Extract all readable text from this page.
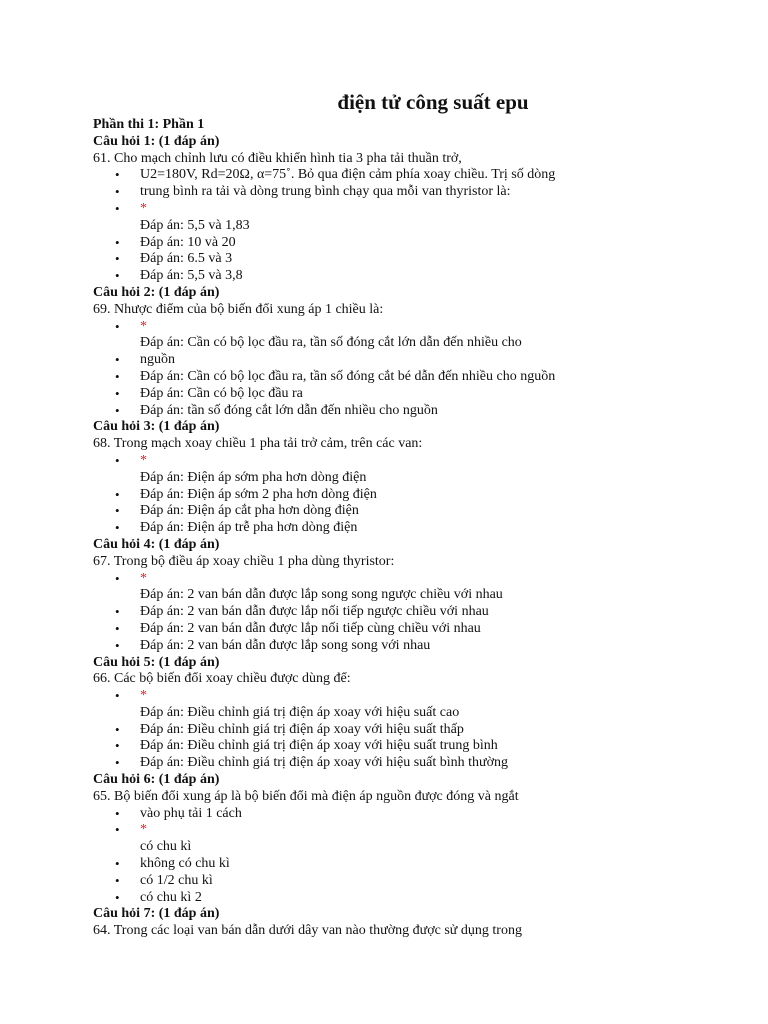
điện tử công suất epu
Phần thi 1: Phần 1
Câu hỏi 1: (1 đáp án)
61. Cho mạch chỉnh lưu có điều khiển hình tia 3 pha tải thuần trở,
• U2=180V, Rd=20Ω, α=75˚. Bỏ qua điện cảm phía xoay chiều. Trị số dòng
• trung bình ra tải và dòng trung bình chạy qua mỗi van thyristor là:
• *
Đáp án: 5,5 và 1,83
• Đáp án: 10 và 20
• Đáp án: 6.5 và 3
• Đáp án: 5,5 và 3,8
Câu hỏi 2: (1 đáp án)
69. Nhược điểm của bộ biến đổi xung áp 1 chiều là:
• *
Đáp án: Cần có bộ lọc đầu ra, tần số đóng cắt lớn dẫn đến nhiều cho
• nguồn
• Đáp án: Cần có bộ lọc đầu ra, tần số đóng cắt bé dẫn đến nhiều cho nguồn
• Đáp án: Cần có bộ lọc đầu ra
• Đáp án: tần số đóng cắt lớn dẫn đến nhiều cho nguồn
Câu hỏi 3: (1 đáp án)
68. Trong mạch xoay chiều 1 pha tải trở cảm, trên các van:
• *
Đáp án: Điện áp sớm pha hơn dòng điện
• Đáp án: Điện áp sớm 2 pha hơn dòng điện
• Đáp án: Điện áp cắt pha hơn dòng điện
• Đáp án: Điện áp trễ pha hơn dòng điện
Câu hỏi 4: (1 đáp án)
67. Trong bộ điều áp xoay chiều 1 pha dùng thyristor:
• *
Đáp án: 2 van bán dẫn được lắp song song ngược chiều với nhau
• Đáp án: 2 van bán dẫn được lắp nối tiếp ngược chiều với nhau
• Đáp án: 2 van bán dẫn được lắp nối tiếp cùng chiều với nhau
• Đáp án: 2 van bán dẫn được lắp song song với nhau
Câu hỏi 5: (1 đáp án)
66. Các bộ biến đổi xoay chiều được dùng để:
• *
Đáp án: Điều chỉnh giá trị điện áp xoay với hiệu suất cao
• Đáp án: Điều chỉnh giá trị điện áp xoay với hiệu suất thấp
• Đáp án: Điều chỉnh giá trị điện áp xoay với hiệu suất trung bình
• Đáp án: Điều chỉnh giá trị điện áp xoay với hiệu suất bình thường
Câu hỏi 6: (1 đáp án)
65. Bộ biến đổi xung áp là bộ biến đổi mà điện áp nguồn được đóng và ngắt
• vào phụ tải 1 cách
• *
có chu kì
• không có chu kì
• có 1/2 chu kì
• có chu kì 2
Câu hỏi 7: (1 đáp án)
64. Trong các loại van bán dẫn dưới dây van nào thường được sử dụng trong
